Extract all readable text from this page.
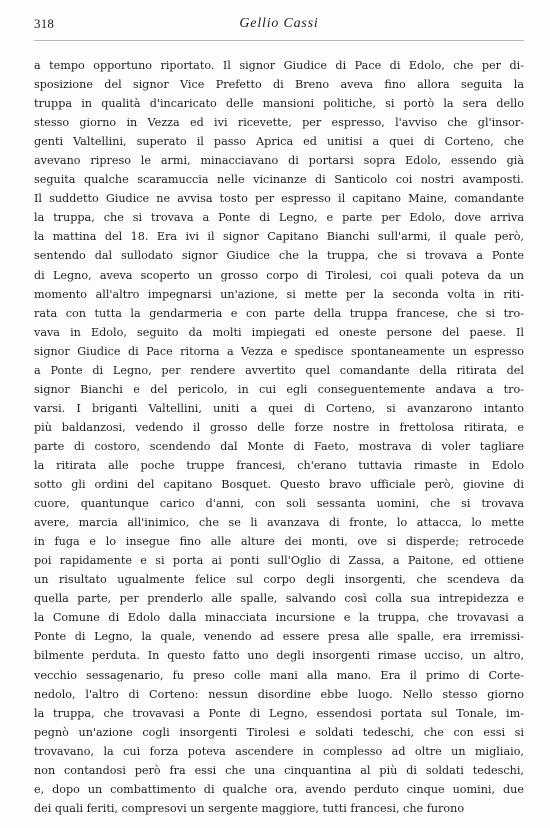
318	Gellio Cassi
a tempo opportuno riportato. Il signor Giudice di Pace di Edolo, che per di-
sposizione del signor Vice Prefetto di Breno aveva fino allora seguita la
truppa in qualità d'incaricato delle mansioni politiche, si portò la sera dello
stesso giorno in Vezza ed ivi ricevette, per espresso, l'avviso che gl'insor-
genti Valtellini, superato il passo Aprica ed unitisi a quei di Corteno, che
avevano ripreso le armi, minacciavano di portarsi sopra Edolo, essendo già
seguita qualche scaramuccia nelle vicinanze di Santicolo coi nostri avamposti.
Il suddetto Giudice ne avvisa tosto per espresso il capitano Maine, comandante
la truppa, che si trovava a Ponte di Legno, e parte per Edolo, dove arriva
la mattina del 18. Era ivi il signor Capitano Bianchi sull'armi, il quale però,
sentendo dal sullodato signor Giudice che la truppa, che si trovava a Ponte
di Legno, aveva scoperto un grosso corpo di Tirolesi, coi quali poteva da un
momento all'altro impegnarsi un'azione, si mette per la seconda volta in riti-
rata con tutta la gendarmeria e con parte della truppa francese, che si tro-
vava in Edolo, seguito da molti impiegati ed oneste persone del paese. Il
signor Giudice di Pace ritorna a Vezza e spedisce spontaneamente un espresso
a Ponte di Legno, per rendere avvertito quel comandante della ritirata del
signor Bianchi e del pericolo, in cui egli conseguentemente andava a tro-
varsi. I briganti Valtellini, uniti a quei di Corteno, si avanzarono intanto
più baldanzosi, vedendo il grosso delle forze nostre in frettolosa ritirata, e
parte di costoro, scendendo dal Monte di Faeto, mostrava di voler tagliare
la ritirata alle poche truppe francesi, ch'erano tuttavia rimaste in Edolo
sotto gli ordini del capitano Bosquet. Questo bravo ufficiale però, giovine di
cuore, quantunque carico d'anni, con soli sessanta uomini, che si trovava
avere, marcia all'inimico, che se li avanzava di fronte, lo attacca, lo mette
in fuga e lo insegue fino alle alture dei monti, ove si disperde; retrocede
poi rapidamente e si porta ai ponti sull'Oglio di Zassa, a Paitone, ed ottiene
un risultato ugualmente felice sul corpo degli insorgenti, che scendeva da
quella parte, per prenderlo alle spalle, salvando così colla sua intrepidezza e
la Comune di Edolo dalla minacciata incursione e la truppa, che trovavasi a
Ponte di Legno, la quale, venendo ad essere presa alle spalle, era irremissi-
bilmente perduta. In questo fatto uno degli insorgenti rimase ucciso, un altro,
vecchio sessagenario, fu preso colle mani alla mano. Era il primo di Corte-
nedolo, l'altro di Corteno: nessun disordine ebbe luogo. Nello stesso giorno
la truppa, che trovavasi a Ponte di Legno, essendosi portata sul Tonale, im-
pegnò un'azione cogli insorgenti Tirolesi e soldati tedeschi, che con essi si
trovavano, la cui forza poteva ascendere in complesso ad oltre un migliaio,
non contandosi però fra essi che una cinquantina al più di soldati tedeschi,
e, dopo un combattimento di qualche ora, avendo perduto cinque uomini, due
dei quali feriti, compresovi un sergente maggiore, tutti francesi, che furono
